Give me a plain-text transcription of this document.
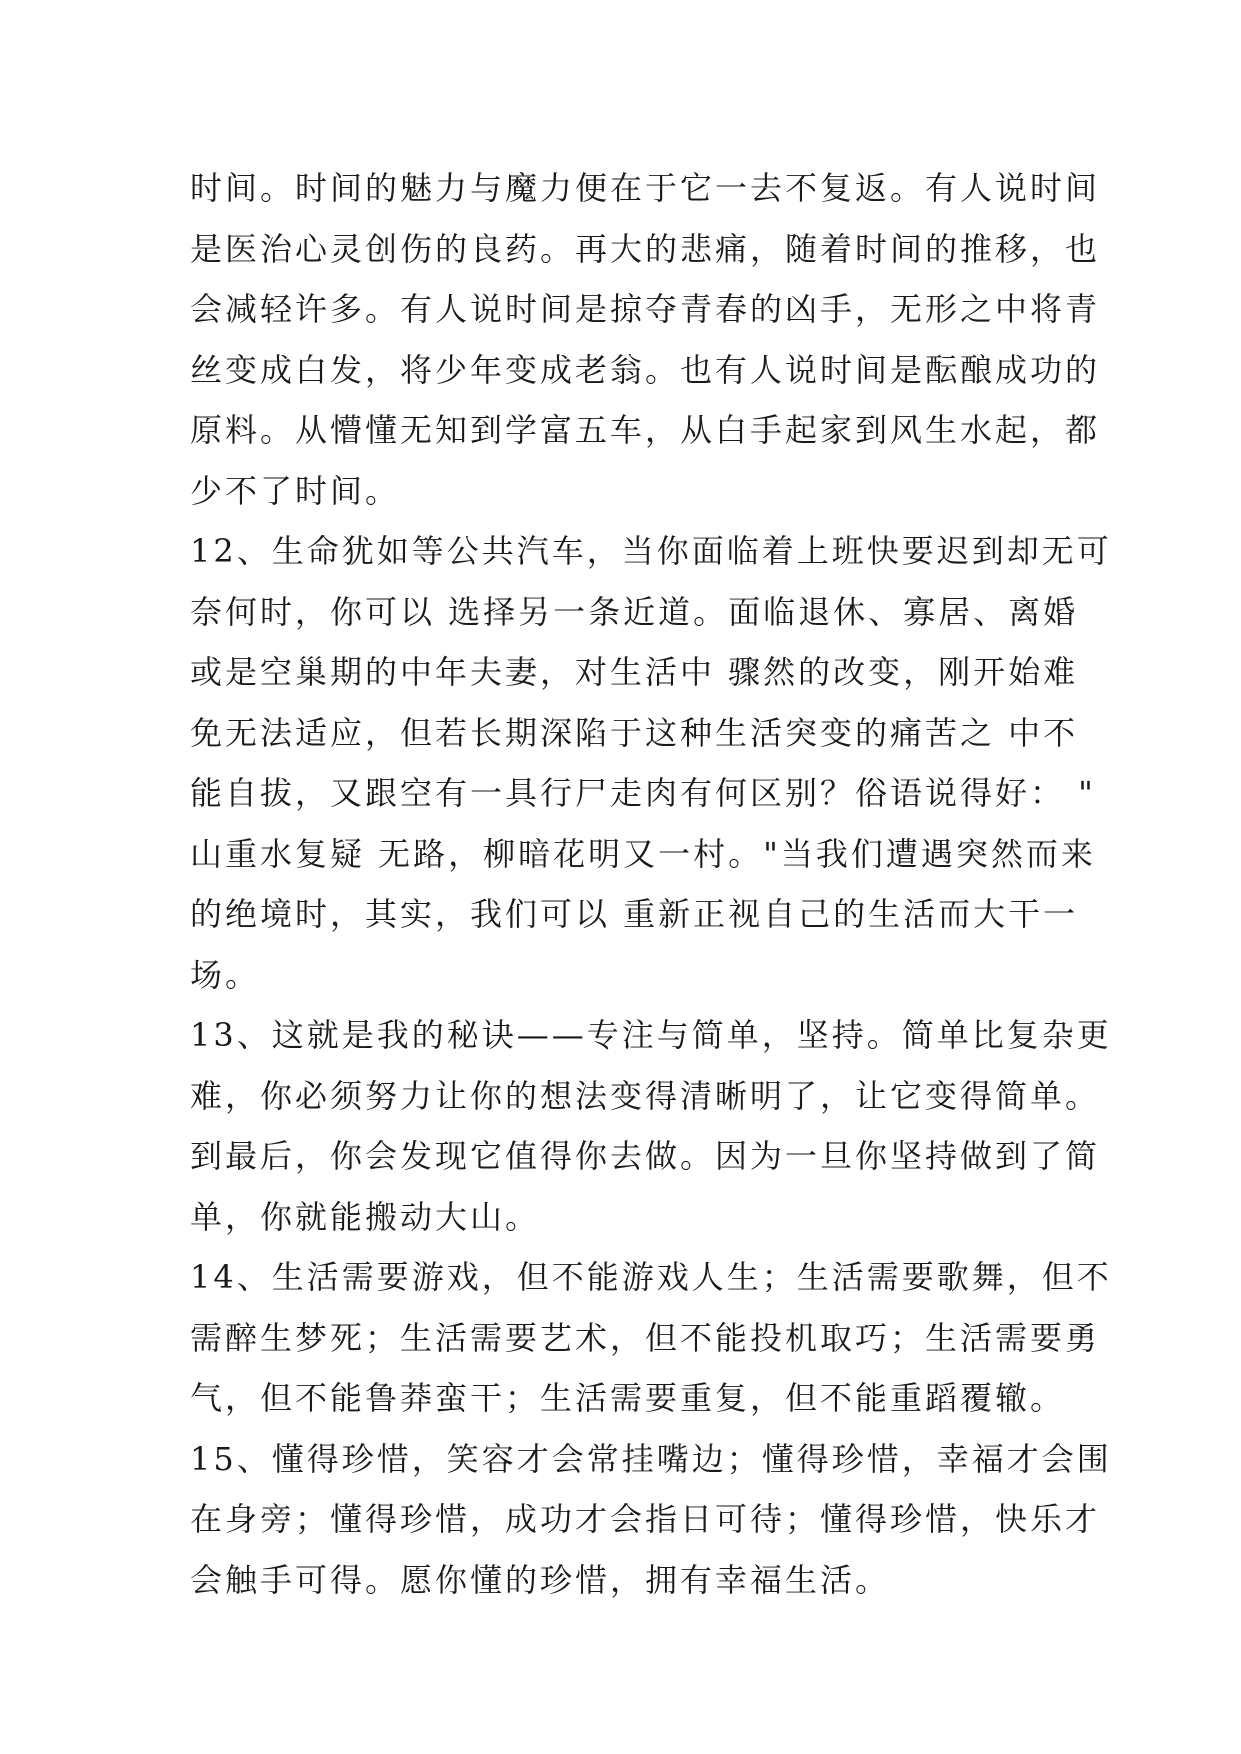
时间。时间的魅力与魔力便在于它一去不复返。有人说时间
是医治心灵创伤的良药。再大的悲痛，随着时间的推移，也
会减轻许多。有人说时间是掠夺青春的凶手，无形之中将青
丝变成白发，将少年变成老翁。也有人说时间是酝酿成功的
原料。从懵懂无知到学富五车，从白手起家到风生水起，都
少不了时间。
12、生命犹如等公共汽车，当你面临着上班快要迟到却无可
奈何时，你可以 选择另一条近道。面临退休、寡居、离婚
或是空巢期的中年夫妻，对生活中 骤然的改变，刚开始难
免无法适应，但若长期深陷于这种生活突变的痛苦之 中不
能自拔，又跟空有一具行尸走肉有何区别？俗语说得好： "
山重水复疑 无路，柳暗花明又一村。"当我们遭遇突然而来
的绝境时，其实，我们可以 重新正视自己的生活而大干一
场。
13、这就是我的秘诀——专注与简单，坚持。简单比复杂更
难，你必须努力让你的想法变得清晰明了，让它变得简单。
到最后，你会发现它值得你去做。因为一旦你坚持做到了简
单，你就能搬动大山。
14、生活需要游戏，但不能游戏人生；生活需要歌舞，但不
需醉生梦死；生活需要艺术，但不能投机取巧；生活需要勇
气，但不能鲁莽蛮干；生活需要重复，但不能重蹈覆辙。
15、懂得珍惜，笑容才会常挂嘴边；懂得珍惜，幸福才会围
在身旁；懂得珍惜，成功才会指日可待；懂得珍惜，快乐才
会触手可得。愿你懂的珍惜，拥有幸福生活。
